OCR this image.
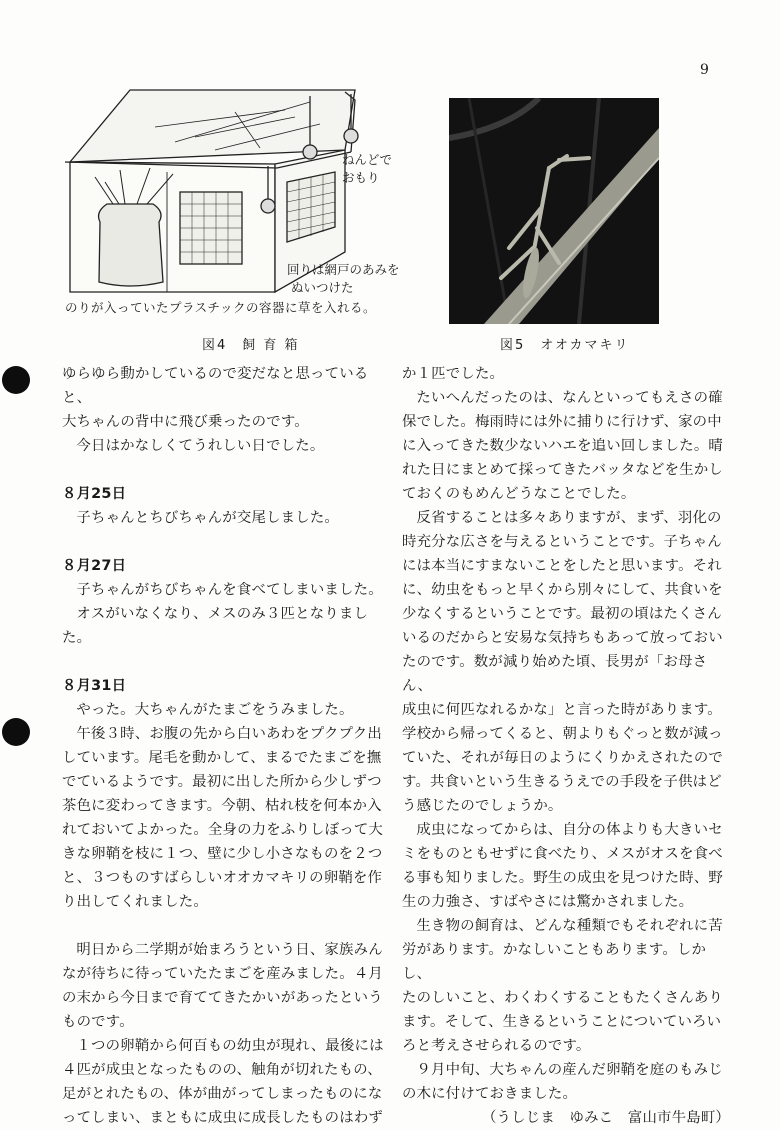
9
ねんどで
おもり
回りは網戸のあみを
ぬいつけた
のりが入っていたプラスチックの容器に草を入れる。
図4　飼 育 箱	図5　オオカマキリ

ゆらゆら動かしているので変だなと思っていると、

大ちゃんの背中に飛び乗ったのです。

今日はかなしくてうれしい日でした。

８月25日

子ちゃんとちびちゃんが交尾しました。

８月27日

子ちゃんがちびちゃんを食べてしまいました。

オスがいなくなり、メスのみ３匹となりました。

８月31日

やった。大ちゃんがたまごをうみました。

午後３時、お腹の先から白いあわをプクプク出

しています。尾毛を動かして、まるでたまごを撫

でているようです。最初に出した所から少しずつ

茶色に変わってきます。今朝、枯れ枝を何本か入

れておいてよかった。全身の力をふりしぼって大

きな卵鞘を枝に１つ、壁に少し小さなものを２つ

と、３つものすばらしいオオカマキリの卵鞘を作

り出してくれました。

明日から二学期が始まろうという日、家族みん

なが待ちに待っていたたまごを産みました。４月

の末から今日まで育ててきたかいがあったという

ものです。

１つの卵鞘から何百もの幼虫が現れ、最後には

４匹が成虫となったものの、触角が切れたもの、

足がとれたもの、体が曲がってしまったものにな

ってしまい、まともに成虫に成長したものはわず

か１匹でした。

たいへんだったのは、なんといってもえさの確

保でした。梅雨時には外に捕りに行けず、家の中

に入ってきた数少ないハエを追い回しました。晴

れた日にまとめて採ってきたバッタなどを生かし

ておくのもめんどうなことでした。

反省することは多々ありますが、まず、羽化の

時充分な広さを与えるということです。子ちゃん

には本当にすまないことをしたと思います。それ

に、幼虫をもっと早くから別々にして、共食いを

少なくするということです。最初の頃はたくさん

いるのだからと安易な気持ちもあって放っておい

たのです。数が減り始めた頃、長男が「お母さん、

成虫に何匹なれるかな」と言った時があります。

学校から帰ってくると、朝よりもぐっと数が減っ

ていた、それが毎日のようにくりかえされたので

す。共食いという生きるうえでの手段を子供はど

う感じたのでしょうか。

成虫になってからは、自分の体よりも大きいセ

ミをものともせずに食べたり、メスがオスを食べ

る事も知りました。野生の成虫を見つけた時、野

生の力強さ、すばやさには驚かされました。

生き物の飼育は、どんな種類でもそれぞれに苦

労があります。かなしいこともあります。しかし、

たのしいこと、わくわくすることもたくさんあり

ます。そして、生きるということについていろい

ろと考えさせられるのです。

９月中旬、大ちゃんの産んだ卵鞘を庭のもみじ

の木に付けておきました。

（うしじま　ゆみこ　富山市牛島町）
